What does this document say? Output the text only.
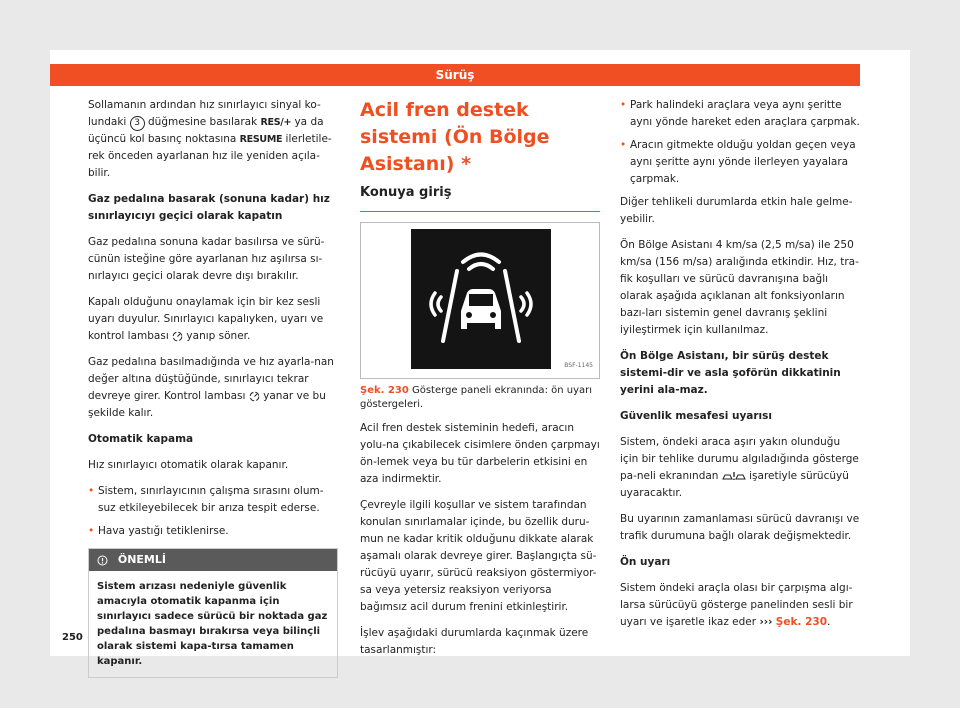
Sürüş

Sollamanın ardından hız sınırlayıcı sinyal ko-lundaki 3 düğmesine basılarak RES/+ ya da üçüncü kol basınç noktasına RESUME ilerletile-rek önceden ayarlanan hız ile yeniden açıla-bilir.

Gaz pedalına basarak (sonuna kadar) hız sınırlayıcıyı geçici olarak kapatın

Gaz pedalına sonuna kadar basılırsa ve sürü-cünün isteğine göre ayarlanan hız aşılırsa sı-nırlayıcı geçici olarak devre dışı bırakılır.

Kapalı olduğunu onaylamak için bir kez sesli uyarı duyulur. Sınırlayıcı kapalıyken, uyarı ve kontrol lambası yanıp söner.

Gaz pedalına basılmadığında ve hız ayarla-nan değer altına düştüğünde, sınırlayıcı tekrar devreye girer. Kontrol lambası yanar ve bu şekilde kalır.

Otomatik kapama

Hız sınırlayıcı otomatik olarak kapanır.

• Sistem, sınırlayıcının çalışma sırasını olum-suz etkileyebilecek bir arıza tespit ederse.
• Hava yastığı tetiklenirse.
ÖNEMLİ
Sistem arızası nedeniyle güvenlik amacıyla otomatik kapanma için sınırlayıcı sadece sürücü bir noktada gaz pedalına basmayı bırakırsa veya bilinçli olarak sistemi kapa-tırsa tamamen kapanır.
Acil fren destek sistemi (Ön Bölge Asistanı) *
Konuya giriş
BSF-1145
Şek. 230 Gösterge paneli ekranında: ön uyarı göstergeleri.

Acil fren destek sisteminin hedefi, aracın yolu-na çıkabilecek cisimlere önden çarpmayı ön-lemek veya bu tür darbelerin etkisini en aza indirmektir.

Çevreyle ilgili koşullar ve sistem tarafından konulan sınırlamalar içinde, bu özellik duru-mun ne kadar kritik olduğunu dikkate alarak aşamalı olarak devreye girer. Başlangıçta sü-rücüyü uyarır, sürücü reaksiyon göstermiyor-sa veya yetersiz reaksiyon veriyorsa bağımsız acil durum frenini etkinleştirir.

İşlev aşağıdaki durumlarda kaçınmak üzere tasarlanmıştır:

• Park halindeki araçlara veya aynı şeritte aynı yönde hareket eden araçlara çarpmak.
• Aracın gitmekte olduğu yoldan geçen veya aynı şeritte aynı yönde ilerleyen yayalara çarpmak.

Diğer tehlikeli durumlarda etkin hale gelme-yebilir.

Ön Bölge Asistanı 4 km/sa (2,5 m/sa) ile 250 km/sa (156 m/sa) aralığında etkindir. Hız, tra-fik koşulları ve sürücü davranışına bağlı olarak aşağıda açıklanan alt fonksiyonların bazı-ları sistemin genel davranış şeklini iyileştirmek için kullanılmaz.

Ön Bölge Asistanı, bir sürüş destek sistemi-dir ve asla şoförün dikkatinin yerini ala-maz.

Güvenlik mesafesi uyarısı

Sistem, öndeki araca aşırı yakın olunduğu için bir tehlike durumu algıladığında gösterge pa-neli ekranından	işaretiyle sürücüyü uyaracaktır.

Bu uyarının zamanlaması sürücü davranışı ve trafik durumuna bağlı olarak değişmektedir.

Ön uyarı

Sistem öndeki araçla olası bir çarpışma algı-larsa sürücüyü gösterge panelinden sesli bir uyarı ve işaretle ikaz eder ››› Şek. 230.

250
